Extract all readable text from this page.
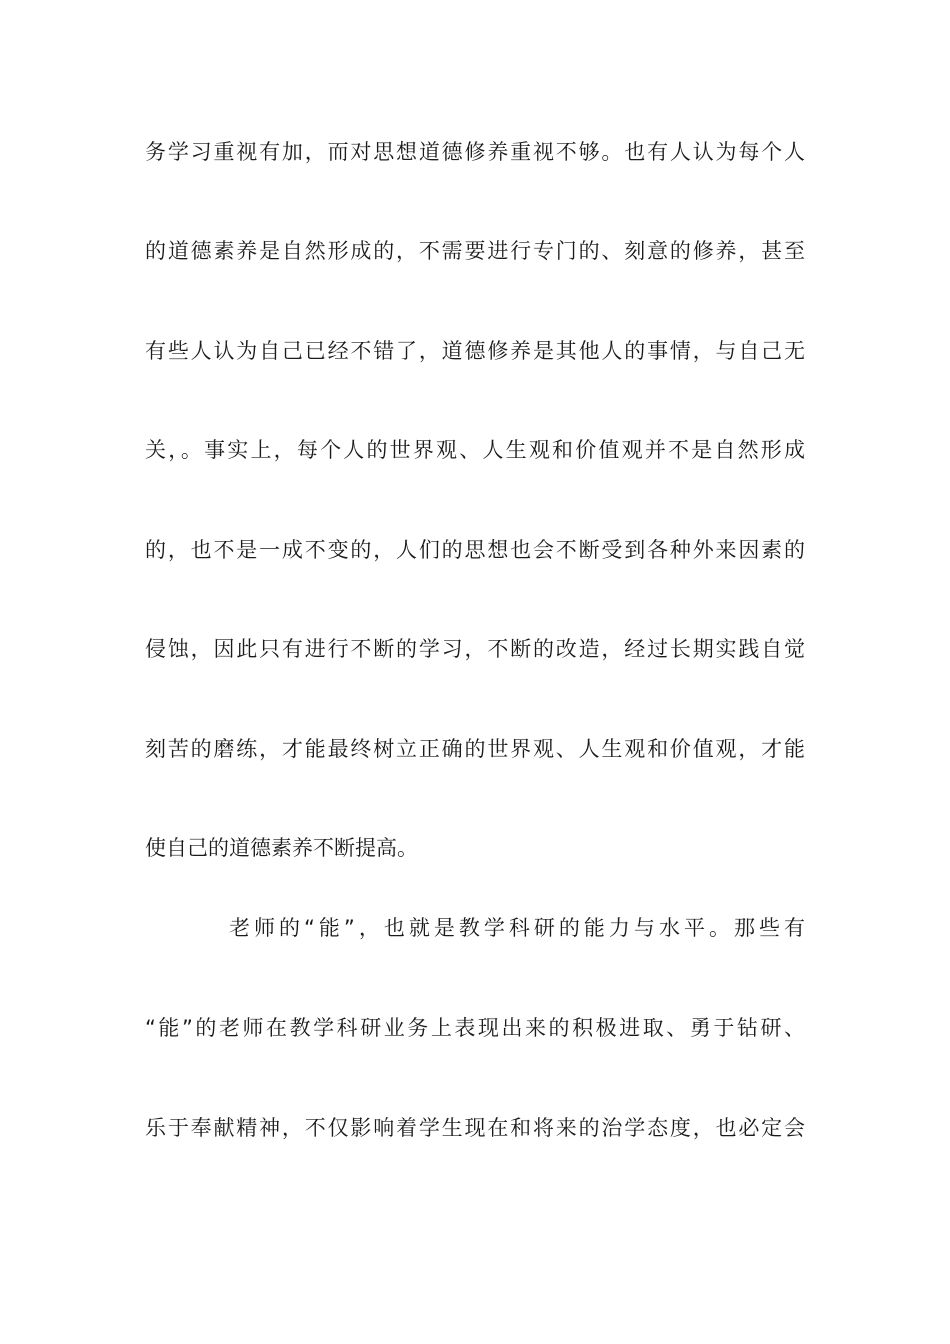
务学习重视有加，而对思想道德修养重视不够。也有人认为每个人
的道德素养是自然形成的，不需要进行专门的、刻意的修养，甚至
有些人认为自己已经不错了，道德修养是其他人的事情，与自己无
关，。事实上，每个人的世界观、人生观和价值观并不是自然形成
的，也不是一成不变的，人们的思想也会不断受到各种外来因素的
侵蚀，因此只有进行不断的学习，不断的改造，经过长期实践自觉
刻苦的磨练，才能最终树立正确的世界观、人生观和价值观，才能
使自己的道德素养不断提高。
老师的“能”，也就是教学科研的能力与水平。那些有
“能”的老师在教学科研业务上表现出来的积极进取、勇于钻研、
乐于奉献精神，不仅影响着学生现在和将来的治学态度，也必定会
